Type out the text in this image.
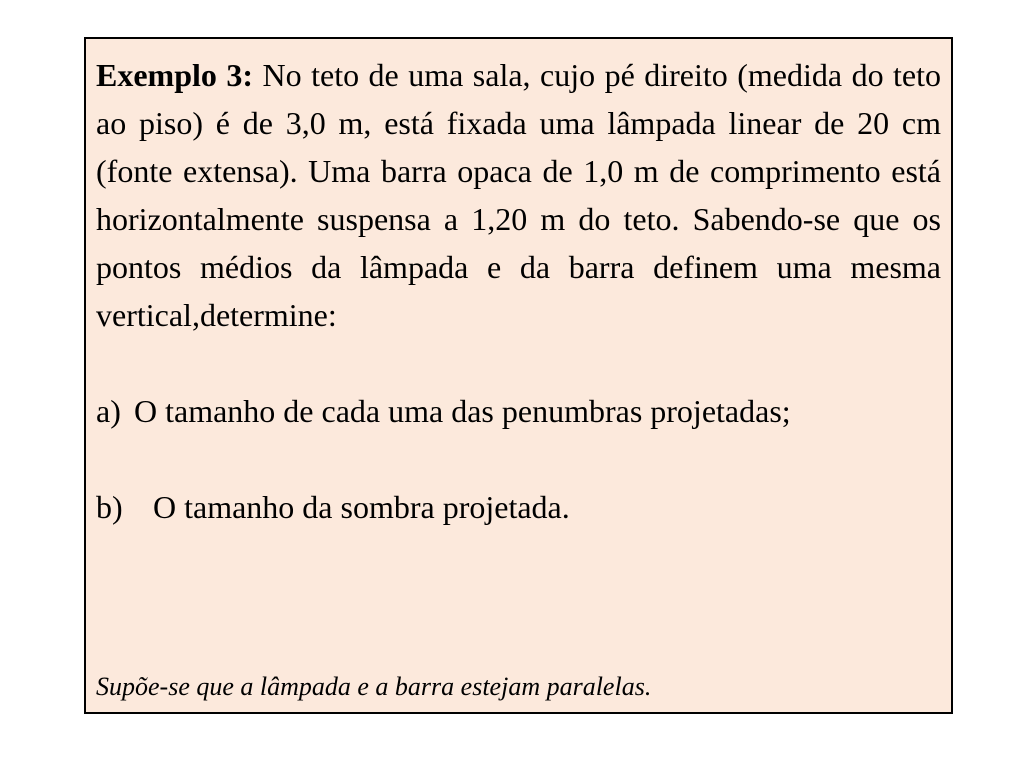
Exemplo 3: No teto de uma sala, cujo pé direito (medida do teto ao piso) é de 3,0 m, está fixada uma lâmpada linear de 20 cm (fonte extensa). Uma barra opaca de 1,0 m de comprimento está horizontalmente suspensa a 1,20 m do teto. Sabendo-se que os pontos médios da lâmpada e da barra definem uma mesma vertical,determine:

a) O tamanho de cada uma das penumbras projetadas;
b) O tamanho da sombra projetada.

Supõe-se que a lâmpada e a barra estejam paralelas.
